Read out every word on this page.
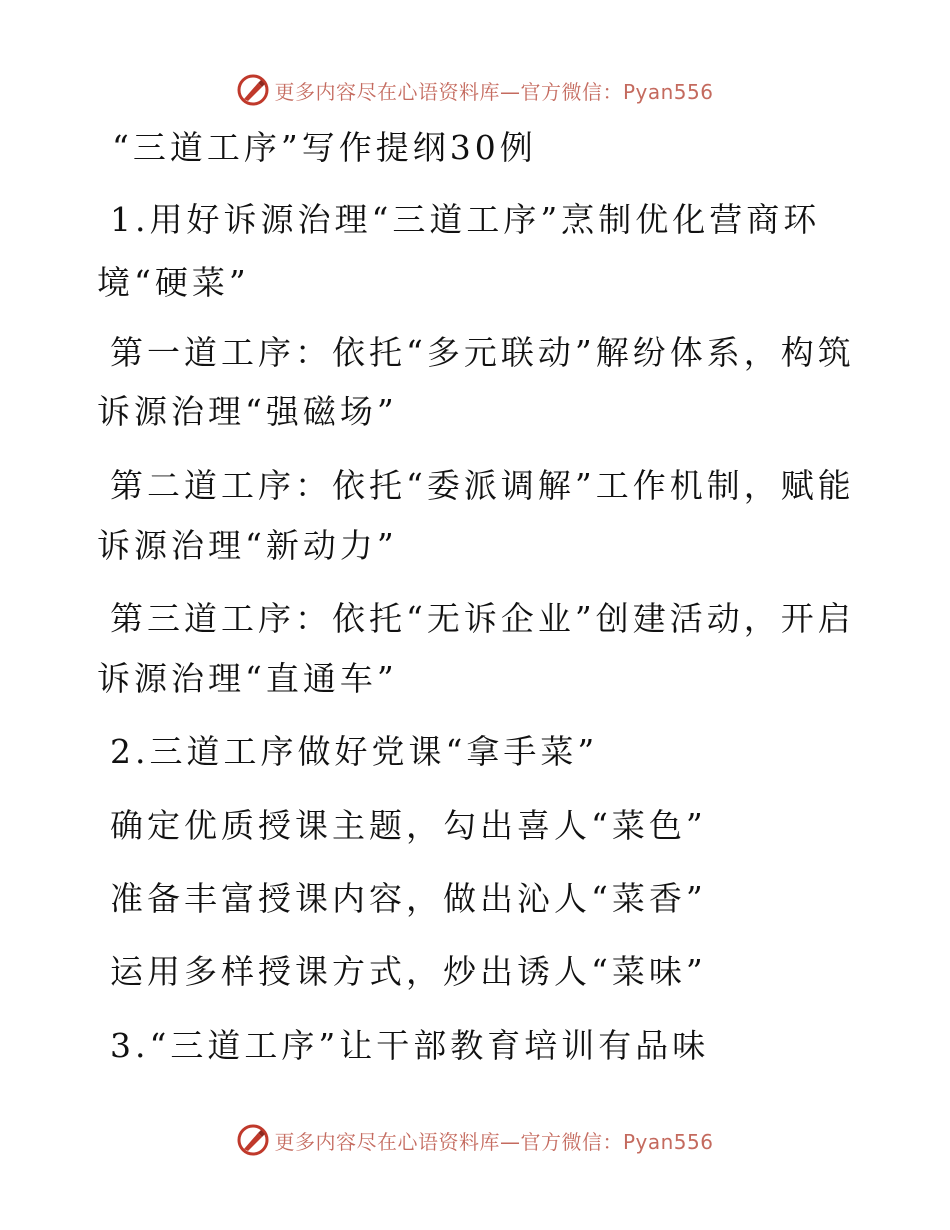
更多内容尽在心语资料库—官方微信：Pyan556
“三道工序”写作提纲30例
1.用好诉源治理“三道工序”烹制优化营商环
境“硬菜”
第一道工序：依托“多元联动”解纷体系，构筑
诉源治理“强磁场”
第二道工序：依托“委派调解”工作机制，赋能
诉源治理“新动力”
第三道工序：依托“无诉企业”创建活动，开启
诉源治理“直通车”
2.三道工序做好党课“拿手菜”
确定优质授课主题，勾出喜人“菜色”
准备丰富授课内容，做出沁人“菜香”
运用多样授课方式，炒出诱人“菜味”
3.“三道工序”让干部教育培训有品味
更多内容尽在心语资料库—官方微信：Pyan556
